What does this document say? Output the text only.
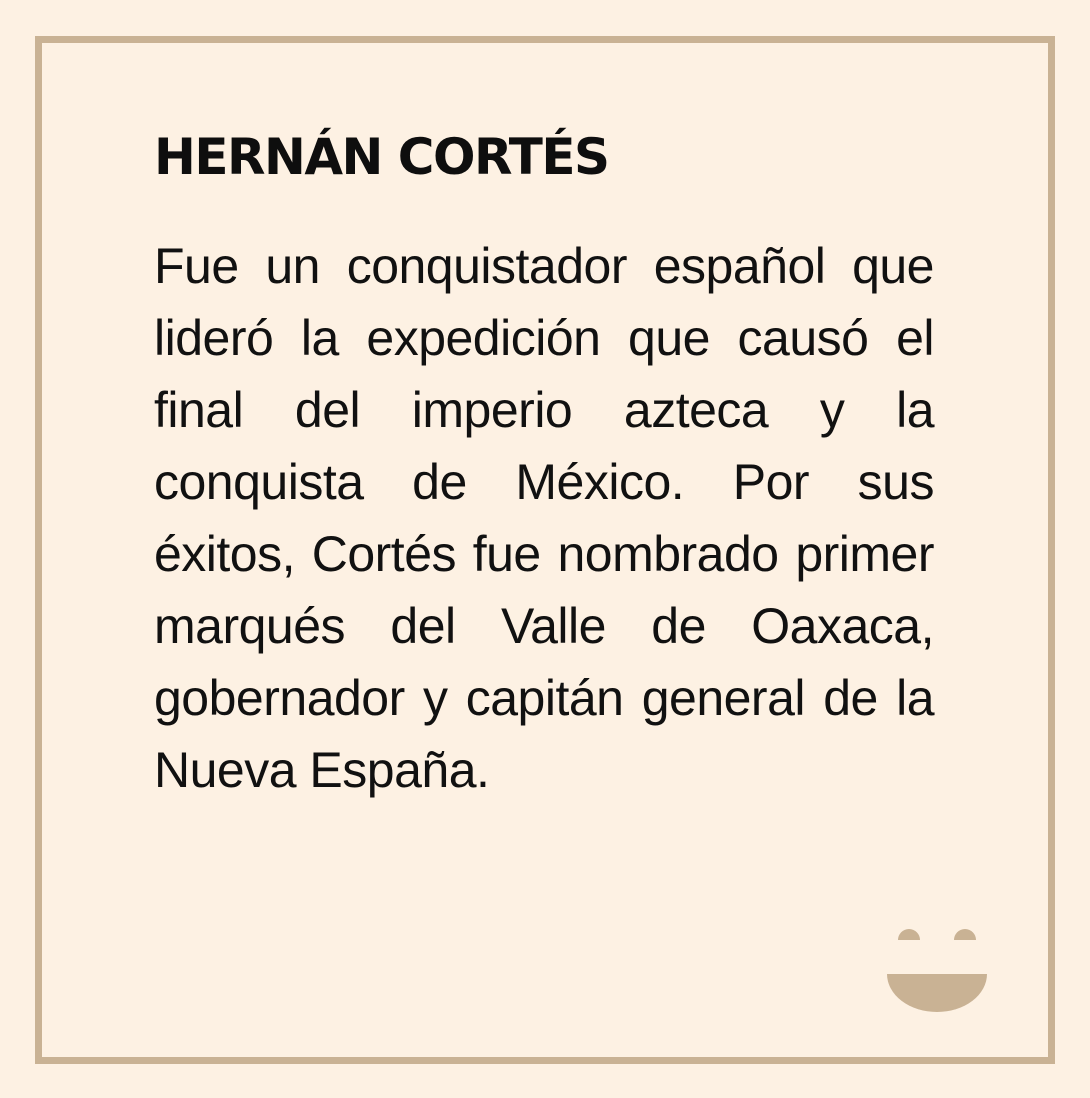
HERNÁN CORTÉS

Fue un conquistador español que lideró la expedición que causó el final del imperio azteca y la conquista de México. Por sus éxitos, Cortés fue nombrado primer marqués del Valle de Oaxaca, gobernador y capitán general de la Nueva España.
